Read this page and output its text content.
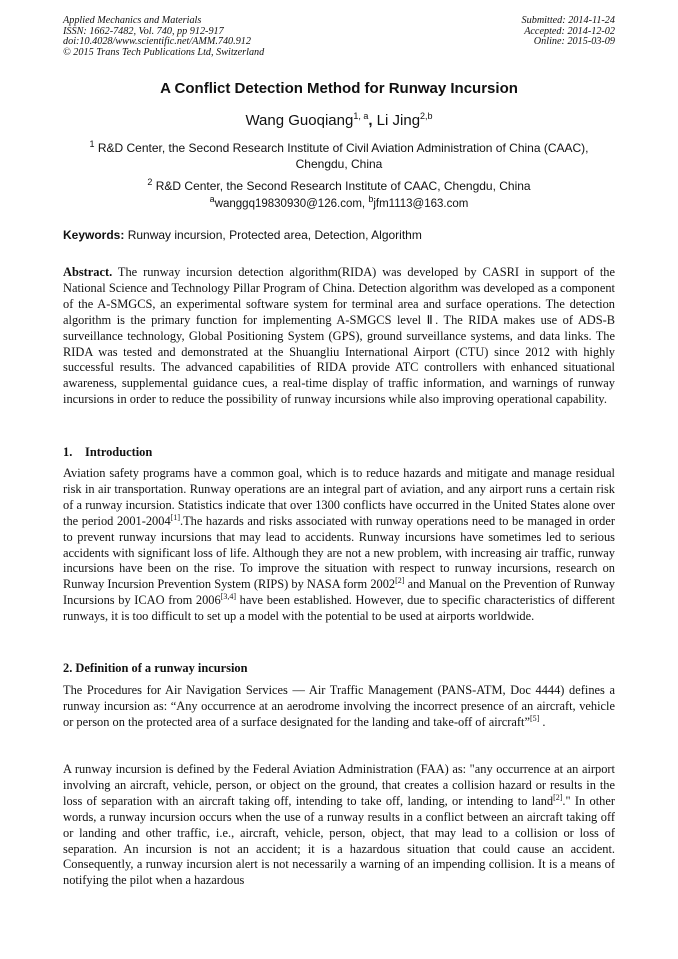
Applied Mechanics and Materials
ISSN: 1662-7482, Vol. 740, pp 912-917
doi:10.4028/www.scientific.net/AMM.740.912
© 2015 Trans Tech Publications Ltd, Switzerland
Submitted: 2014-11-24
Accepted: 2014-12-02
Online: 2015-03-09
A Conflict Detection Method for Runway Incursion
Wang Guoqiang$^{1, a}$, Li Jing$^{2,b}$
$^1$ R&D Center, the Second Research Institute of Civil Aviation Administration of China (CAAC), Chengdu, China
$^2$ R&D Center, the Second Research Institute of CAAC, Chengdu, China
$^a$wanggq19830930@126.com, $^b$jfm1113@163.com
Keywords: Runway incursion, Protected area, Detection, Algorithm
Abstract. The runway incursion detection algorithm(RIDA) was developed by CASRI in support of the National Science and Technology Pillar Program of China. Detection algorithm was developed as a component of the A-SMGCS, an experimental software system for terminal area and surface operations. The detection algorithm is the primary function for implementing A-SMGCS level Ⅱ. The RIDA makes use of ADS-B surveillance technology, Global Positioning System (GPS), ground surveillance systems, and data links. The RIDA was tested and demonstrated at the Shuangliu International Airport (CTU) since 2012 with highly successful results. The advanced capabilities of RIDA provide ATC controllers with enhanced situational awareness, supplemental guidance cues, a real-time display of traffic information, and warnings of runway incursions in order to reduce the possibility of runway incursions while also improving operational capability.
1. Introduction
Aviation safety programs have a common goal, which is to reduce hazards and mitigate and manage residual risk in air transportation. Runway operations are an integral part of aviation, and any airport runs a certain risk of a runway incursion. Statistics indicate that over 1300 conflicts have occurred in the United States alone over the period 2001-2004[1].The hazards and risks associated with runway operations need to be managed in order to prevent runway incursions that may lead to accidents. Runway incursions have sometimes led to serious accidents with significant loss of life. Although they are not a new problem, with increasing air traffic, runway incursions have been on the rise. To improve the situation with respect to runway incursions, research on Runway Incursion Prevention System (RIPS) by NASA form 2002[2] and Manual on the Prevention of Runway Incursions by ICAO from 2006[3,4] have been established. However, due to specific characteristics of different runways, it is too difficult to set up a model with the potential to be used at airports worldwide.
2. Definition of a runway incursion
The Procedures for Air Navigation Services — Air Traffic Management (PANS-ATM, Doc 4444) defines a runway incursion as: “Any occurrence at an aerodrome involving the incorrect presence of an aircraft, vehicle or person on the protected area of a surface designated for the landing and take-off of aircraft”[5] .
A runway incursion is defined by the Federal Aviation Administration (FAA) as: "any occurrence at an airport involving an aircraft, vehicle, person, or object on the ground, that creates a collision hazard or results in the loss of separation with an aircraft taking off, intending to take off, landing, or intending to land[2]." In other words, a runway incursion occurs when the use of a runway results in a conflict between an aircraft taking off or landing and other traffic, i.e., aircraft, vehicle, person, object, that may lead to a collision or loss of separation. An incursion is not an accident; it is a hazardous situation that could cause an accident. Consequently, a runway incursion alert is not necessarily a warning of an impending collision. It is a means of notifying the pilot when a hazardous
